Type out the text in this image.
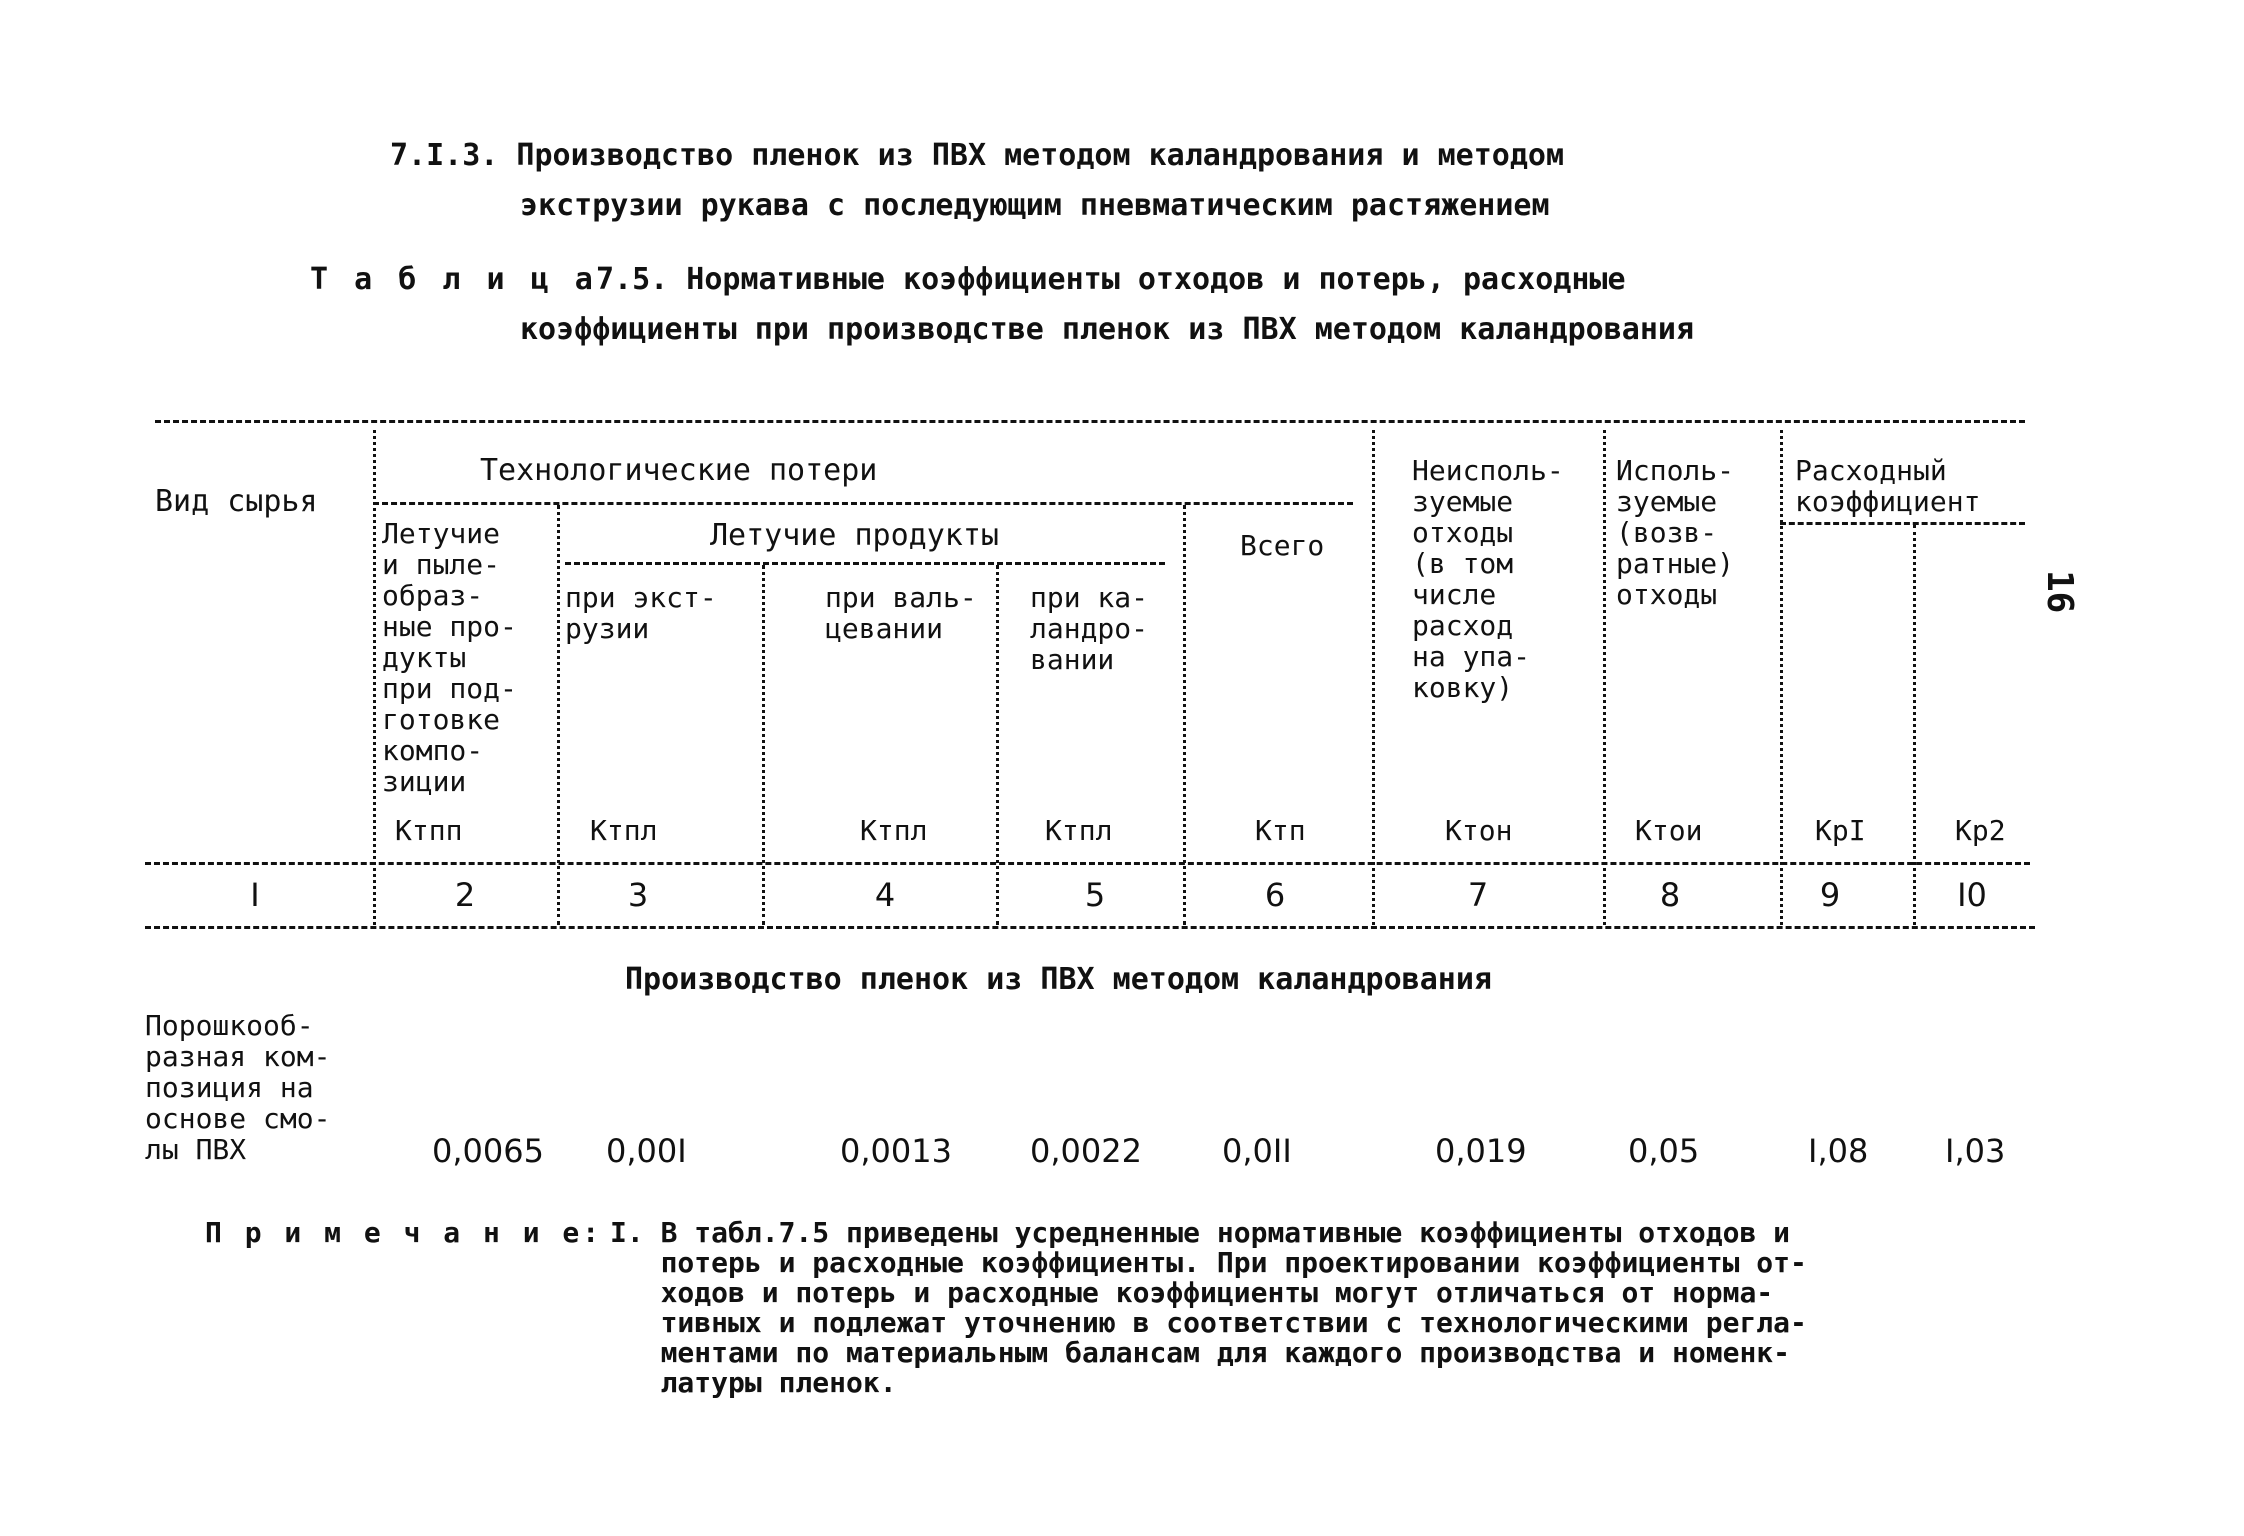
7.I.3. Производство пленок из ПВХ методом каландрования и методом
экструзии рукава с последующим пневматическим растяжением
Т а б л и ц а 7.5. Нормативные коэффициенты отходов и потерь, расходные
коэффициенты при производстве пленок из ПВХ методом каландрования
Вид сырья
Технологические потери
Летучие
и пыле-
образ-
ные про-
дукты
при под-
готовке
компо-
зиции
Летучие продукты
при экст-
рузии
при валь-
цевании
при ка-
ландро-
вании
Всего
Неисполь-
зуемые
отходы
(в том
числе
расход
на упа-
ковку)
Исполь-
зуемые
(возв-
ратные)
отходы
Расходный
коэффициент
Ктпп	Ктпл	Ктпл	Ктпл	Ктп	Ктон	Ктои	КрI	Кр2
I	2	3	4	5	6	7	8	9	I0
Производство пленок из ПВХ методом каландрования
Порошкооб-
разная ком-
позиция на
основе смо-
лы ПВХ	0,0065 0,00I	0,0013 0,0022	0,0II	0,019	0,05	I,08 I,03
П р и м е ч а н и е: I. В табл.7.5 приведены усредненные нормативные коэффициенты отходов и
потерь и расходные коэффициенты. При проектировании коэффициенты от-
ходов и потерь и расходные коэффициенты могут отличаться от норма-
тивных и подлежат уточнению в соответствии с технологическими регла-
ментами по материальным балансам для каждого производства и номенк-
латуры пленок.
16
